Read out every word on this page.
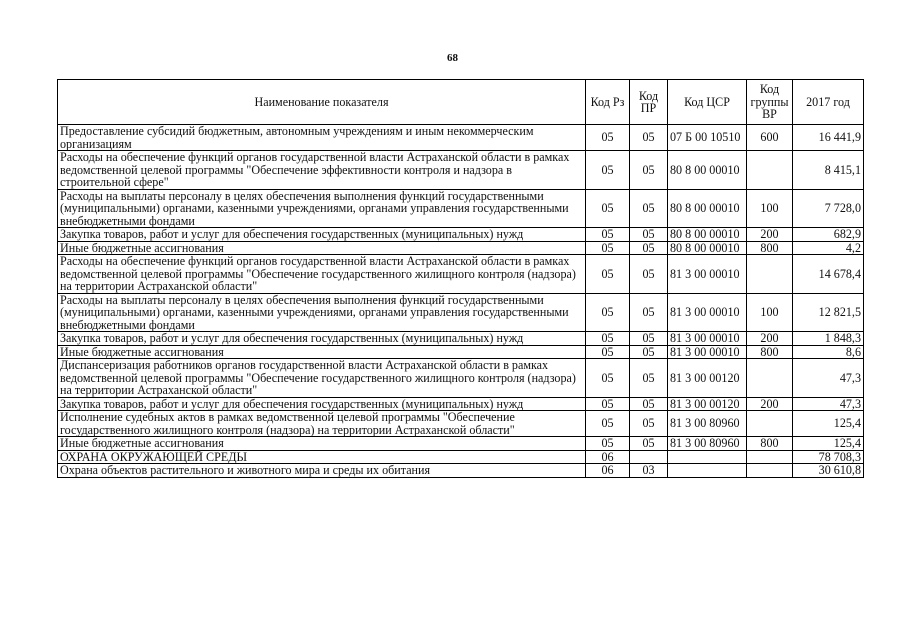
68
Наименование показателя	Код Рз	Код ПР	Код ЦСР	Код группы ВР	2017 год
Предоставление субсидий бюджетным, автономным учреждениям и иным некоммерческим организациям	05	05	07 Б 00 10510	600	16 441,9
Расходы на обеспечение функций органов государственной власти Астраханской области в рамках ведомственной целевой программы "Обеспечение эффективности контроля и надзора в строительной сфере"	05	05	80 8 00 00010		8 415,1
Расходы на выплаты персоналу в целях обеспечения выполнения функций государственными (муниципальными) органами, казенными учреждениями, органами управления государственными внебюджетными фондами	05	05	80 8 00 00010	100	7 728,0
Закупка товаров, работ и услуг для обеспечения государственных (муниципальных) нужд	05	05	80 8 00 00010	200	682,9
Иные бюджетные ассигнования	05	05	80 8 00 00010	800	4,2
Расходы на обеспечение функций органов государственной власти Астраханской области в рамках ведомственной целевой программы "Обеспечение государственного жилищного контроля (надзора) на территории Астраханской области"	05	05	81 3 00 00010		14 678,4
Расходы на выплаты персоналу в целях обеспечения выполнения функций государственными (муниципальными) органами, казенными учреждениями, органами управления государственными внебюджетными фондами	05	05	81 3 00 00010	100	12 821,5
Закупка товаров, работ и услуг для обеспечения государственных (муниципальных) нужд	05	05	81 3 00 00010	200	1 848,3
Иные бюджетные ассигнования	05	05	81 3 00 00010	800	8,6
Диспансеризация работников органов государственной власти Астраханской области в рамках ведомственной целевой программы "Обеспечение государственного жилищного контроля (надзора) на территории Астраханской области"	05	05	81 3 00 00120		47,3
Закупка товаров, работ и услуг для обеспечения государственных (муниципальных) нужд	05	05	81 3 00 00120	200	47,3
Исполнение судебных актов в рамках ведомственной целевой программы "Обеспечение государственного жилищного контроля (надзора) на территории Астраханской области"	05	05	81 3 00 80960		125,4
Иные бюджетные ассигнования	05	05	81 3 00 80960	800	125,4
ОХРАНА ОКРУЖАЮЩЕЙ СРЕДЫ	06				78 708,3
Охрана объектов растительного и животного мира и среды их обитания	06	03			30 610,8
